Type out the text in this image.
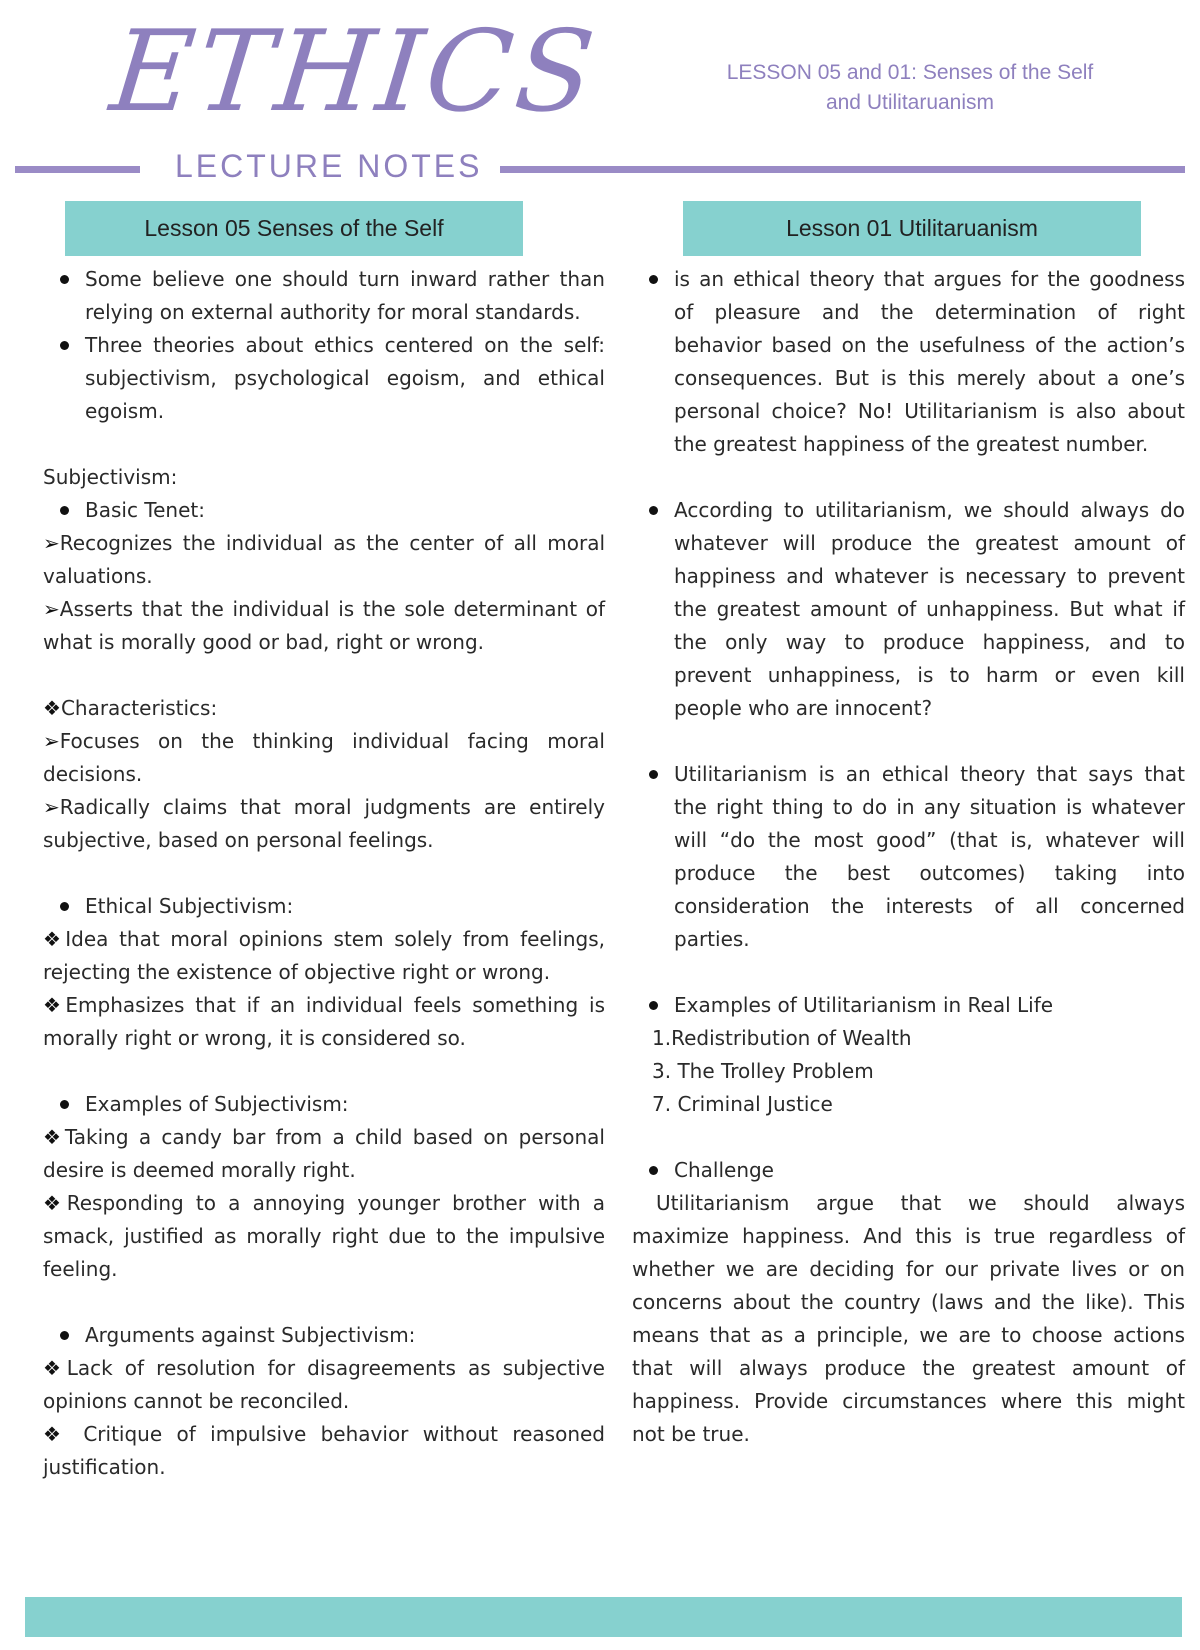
ETHICS
LECTURE NOTES
LESSON 05 and 01: Senses of the Self
and Utilitaruanism
Lesson 05 Senses of the Self	Lesson 01 Utilitaruanism

Some believe one should turn inward rather than relying on external authority for moral standards.

Three theories about ethics centered on the self: subjectivism, psychological egoism, and ethical egoism.

Subjectivism:

Basic Tenet:

➢Recognizes the individual as the center of all moral valuations.

➢Asserts that the individual is the sole determinant of what is morally good or bad, right or wrong.

❖Characteristics:

➢Focuses on the thinking individual facing moral decisions.

➢Radically claims that moral judgments are entirely subjective, based on personal feelings.

Ethical Subjectivism:

❖Idea that moral opinions stem solely from feelings, rejecting the existence of objective right or wrong.

❖Emphasizes that if an individual feels something is morally right or wrong, it is considered so.

Examples of Subjectivism:

❖Taking a candy bar from a child based on personal desire is deemed morally right.

❖Responding to a annoying younger brother with a smack, justified as morally right due to the impulsive feeling.

Arguments against Subjectivism:

❖Lack of resolution for disagreements as subjective opinions cannot be reconciled.

❖ Critique of impulsive behavior without reasoned justification.

is an ethical theory that argues for the goodness of pleasure and the determination of right behavior based on the usefulness of the action’s consequences. But is this merely about a one’s personal choice? No! Utilitarianism is also about the greatest happiness of the greatest number.

According to utilitarianism, we should always do whatever will produce the greatest amount of happiness and whatever is necessary to prevent the greatest amount of unhappiness. But what if the only way to produce happiness, and to prevent unhappiness, is to harm or even kill people who are innocent?

Utilitarianism is an ethical theory that says that the right thing to do in any situation is whatever will “do the most good” (that is, whatever will produce the best outcomes) taking into consideration the interests of all concerned parties.

Examples of Utilitarianism in Real Life

1.Redistribution of Wealth

3. The Trolley Problem

7. Criminal Justice

Challenge

Utilitarianism argue that we should always maximize happiness. And this is true regardless of whether we are deciding for our private lives or on concerns about the country (laws and the like). This means that as a principle, we are to choose actions that will always produce the greatest amount of happiness. Provide circumstances where this might not be true.
